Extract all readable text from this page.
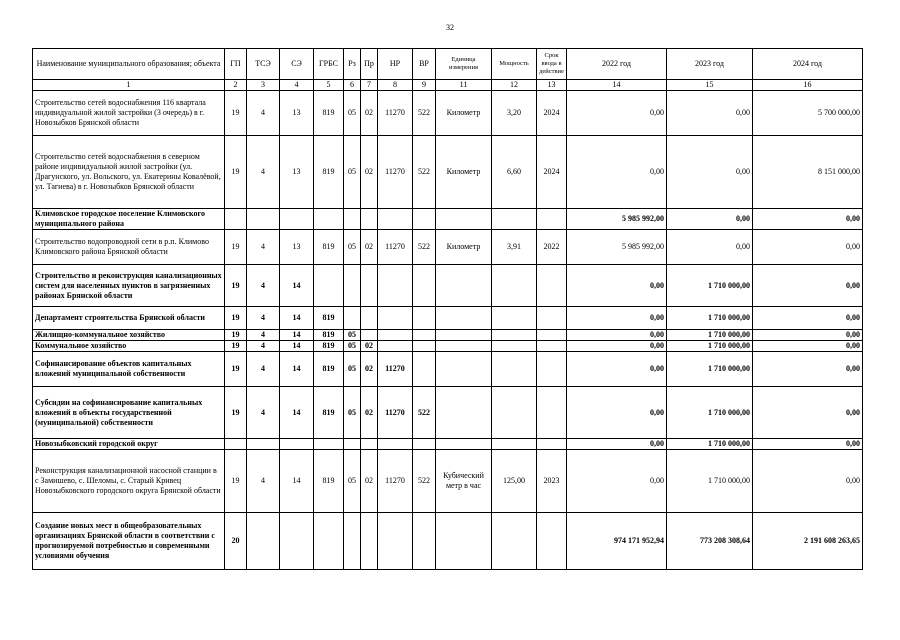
32
Наименование муниципального образования; объекта	ГП	ТСЭ	СЭ	ГРБС	Рз	Пр	НР	ВР	Единица измерения	Мощность	Срок ввода в действие	2022 год	2023 год	2024 год
1	2	3	4	5	6	7	8	9	11	12	13	14	15	16
Строительство сетей водоснабжения 116 квартала индивидуальной жилой застройки (3 очередь) в г. Новозыбков Брянской области	19	4	13	819	05	02	11270	522	Километр	3,20	2024	0,00	0,00	5 700 000,00
Строительство сетей водоснабжения в северном районе индивидуальной жилой застройки (ул. Драгунского, ул. Вольского, ул. Екатерины Ковалёвой, ул. Тагиева) в г. Новозыбков Брянской области	19	4	13	819	05	02	11270	522	Километр	6,60	2024	0,00	0,00	8 151 000,00
Климовское городское поселение Климовского муниципального района												5 985 992,00	0,00	0,00
Строительство водопроводной сети в р.п. Климово Климовского района Брянской области	19	4	13	819	05	02	11270	522	Километр	3,91	2022	5 985 992,00	0,00	0,00
Строительство и реконструкция канализационных систем для населенных пунктов в загрязненных районах Брянской области	19	4	14									0,00	1 710 000,00	0,00
Департамент строительства Брянской области	19	4	14	819								0,00	1 710 000,00	0,00
Жилищно-коммунальное хозяйство	19	4	14	819	05							0,00	1 710 000,00	0,00
Коммунальное хозяйство	19	4	14	819	05	02						0,00	1 710 000,00	0,00
Софинансирование объектов капитальных вложений муниципальной собственности	19	4	14	819	05	02	11270					0,00	1 710 000,00	0,00
Субсидии на софинансирование капитальных вложений в объекты государственной (муниципальной) собственности	19	4	14	819	05	02	11270	522				0,00	1 710 000,00	0,00
Новозыбковский городской округ												0,00	1 710 000,00	0,00
Реконструкция канализационной насосной станции в с Замишево, с. Шеломы, с. Старый Кривец Новозыбковского городского округа Брянской области	19	4	14	819	05	02	11270	522	Кубический метр в час	125,00	2023	0,00	1 710 000,00	0,00
Создание новых мест в общеобразовательных организациях Брянской области в соответствии с прогнозируемой потребностью и современными условиями обучения	20											974 171 952,94	773 208 308,64	2 191 608 263,65
